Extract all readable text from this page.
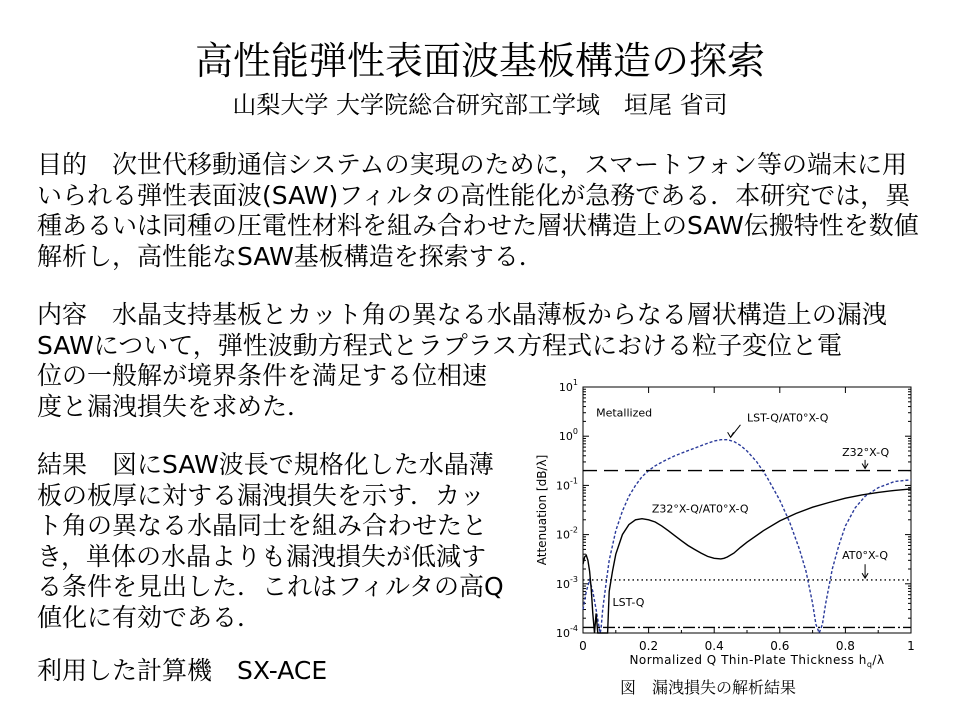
高性能弾性表面波基板構造の探索
山梨大学 大学院総合研究部工学域　垣尾 省司

目的　次世代移動通信システムの実現のために，スマートフォン等の端末に用いられる弾性表面波(SAW)フィルタの高性能化が急務である．本研究では，異種あるいは同種の圧電性材料を組み合わせた層状構造上のSAW伝搬特性を数値解析し，高性能なSAW基板構造を探索する．

内容　水晶支持基板とカット角の異なる水晶薄板からなる層状構造上の漏洩SAWについて，弾性波動方程式とラプラス方程式における粒子変位と電

位の一般解が境界条件を満足する位相速度と漏洩損失を求めた．

結果　図にSAW波長で規格化した水晶薄板の板厚に対する漏洩損失を示す．カット角の異なる水晶同士を組み合わせたとき，単体の水晶よりも漏洩損失が低減する条件を見出した．これはフィルタの高Q値化に有効である．

利用した計算機　SX-ACE

0	0.2	0.4	0.6	0.8	1
$10^1$
$10^0$
$10^{-1}$
$10^{-2}$
$10^{-3}$
$10^{-4}$
Normalized Q Thin-Plate Thickness $h_q/\lambda$
Attenuation [dB/λ]
Metallized	LST-Q/AT0°X-Q
Z32°X-Q
Z32°X-Q/AT0°X-Q
AT0°X-Q
LST-Q
図　漏洩損失の解析結果
